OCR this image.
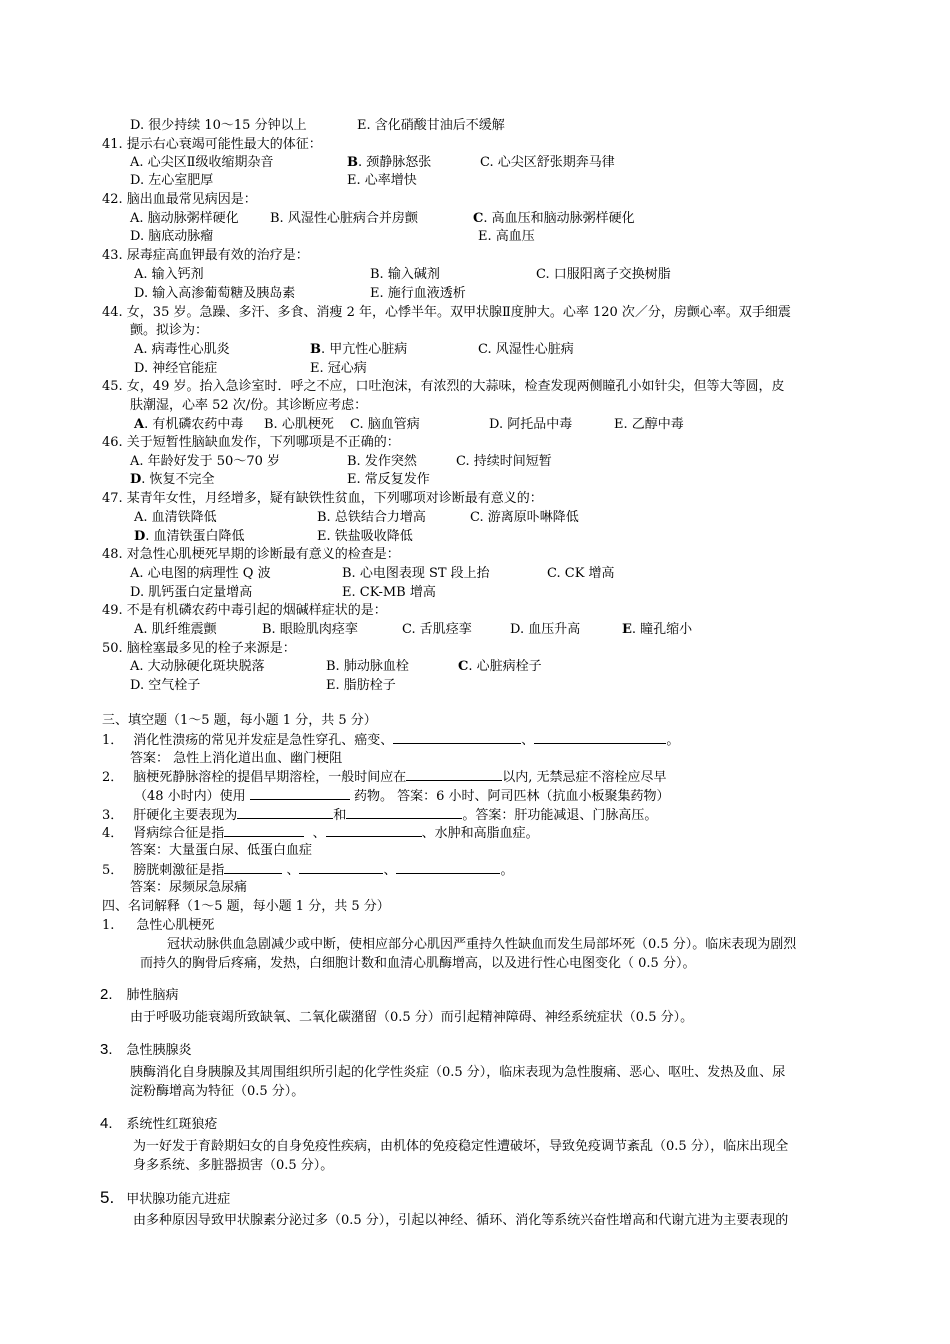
D. 很少持续 10～15 分钟以上	E. 含化硝酸甘油后不缓解
41. 提示右心衰竭可能性最大的体征：
A. 心尖区Ⅱ级收缩期杂音	B. 颈静脉怒张	C. 心尖区舒张期奔马律
D. 左心室肥厚	E. 心率增快
42. 脑出血最常见病因是：
A. 脑动脉粥样硬化 B. 风湿性心脏病合并房颤	C. 高血压和脑动脉粥样硬化
D. 脑底动脉瘤	E. 高血压
43. 尿毒症高血钾最有效的治疗是：
A. 输入钙剂	B. 输入碱剂	C. 口服阳离子交换树脂
D. 输入高渗葡萄糖及胰岛素	E. 施行血液透析
44. 女，35 岁。急躁、多汗、多食、消瘦 2 年，心悸半年。双甲状腺Ⅱ度肿大。心率 120 次／分，房颤心率。双手细震
颤。拟诊为：
A. 病毒性心肌炎	B. 甲亢性心脏病	C. 风湿性心脏病
D. 神经官能症	E. 冠心病
45. 女，49 岁。抬入急诊室时．呼之不应，口吐泡沫，有浓烈的大蒜味，检查发现两侧瞳孔小如针尖，但等大等圆，皮
肤潮湿，心率 52 次/份。其诊断应考虑：
A. 有机磷农药中毒 B. 心肌梗死 C. 脑血管病	D. 阿托品中毒	E. 乙醇中毒
46. 关于短暂性脑缺血发作，下列哪项是不正确的：
A. 年龄好发于 50～70 岁	B. 发作突然	C. 持续时间短暂
D. 恢复不完全	E. 常反复发作
47. 某青年女性，月经增多，疑有缺铁性贫血，下列哪项对诊断最有意义的：
A. 血清铁降低	B. 总铁结合力增高	C. 游离原卟啉降低
D. 血清铁蛋白降低	E. 铁盐吸收降低
48. 对急性心肌梗死早期的诊断最有意义的检查是：
A. 心电图的病理性 Q 波	B. 心电图表现 ST 段上抬	C. CK 增高
D. 肌钙蛋白定量增高	E. CK-MB 增高
49. 不是有机磷农药中毒引起的烟碱样症状的是：
A. 肌纤维震颤	B. 眼睑肌肉痉挛	C. 舌肌痉挛	D. 血压升高	E. 瞳孔缩小
50. 脑栓塞最多见的栓子来源是：
A. 大动脉硬化斑块脱落	B. 肺动脉血栓	C. 心脏病栓子
D. 空气栓子	E. 脂肪栓子
三、填空题（1～5 题，每小题 1 分，共 5 分）
1． 消化性溃疡的常见并发症是急性穿孔、癌变、	、	。
答案： 急性上消化道出血、幽门梗阻
2． 脑梗死静脉溶栓的提倡早期溶栓，一般时间应在	以内, 无禁忌症不溶栓应尽早
（48 小时内）使用	药物。 答案：6 小时、阿司匹林（抗血小板聚集药物）
3． 肝硬化主要表现为	和	。答案：肝功能减退、门脉高压。
4． 肾病综合征是指	、	、水肿和高脂血症。
答案：大量蛋白尿、低蛋白血症
5． 膀胱刺激征是指	、	、	。
答案：尿频尿急尿痛
四、名词解释（1～5 题，每小题 1 分，共 5 分）
1. 急性心肌梗死
冠状动脉供血急剧减少或中断，使相应部分心肌因严重持久性缺血而发生局部坏死（0.5 分）。临床表现为剧烈
而持久的胸骨后疼痛，发热，白细胞计数和血清心肌酶增高，以及进行性心电图变化（ 0.5 分）。
2. 肺性脑病
由于呼吸功能衰竭所致缺氧、二氧化碳潴留（0.5 分）而引起精神障碍、神经系统症状（0.5 分）。
3. 急性胰腺炎
胰酶消化自身胰腺及其周围组织所引起的化学性炎症（0.5 分），临床表现为急性腹痛、恶心、呕吐、发热及血、尿
淀粉酶增高为特征（0.5 分）。
4. 系统性红斑狼疮
为一好发于育龄期妇女的自身免疫性疾病，由机体的免疫稳定性遭破坏，导致免疫调节紊乱（0.5 分），临床出现全
身多系统、多脏器损害（0.5 分）。
5. 甲状腺功能亢进症
由多种原因导致甲状腺素分泌过多（0.5 分），引起以神经、循环、消化等系统兴奋性增高和代谢亢进为主要表现的
